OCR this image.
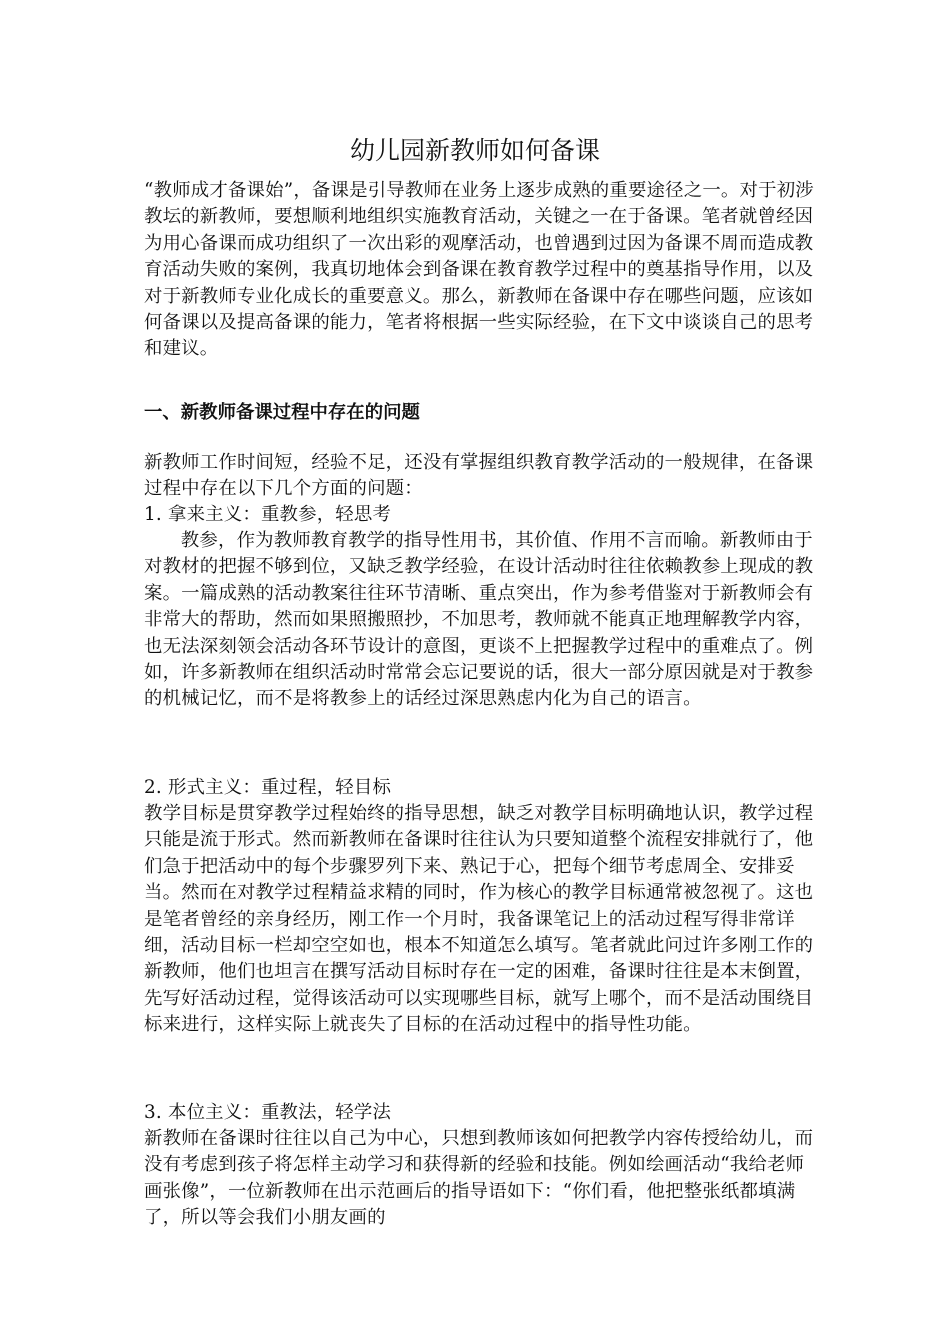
幼儿园新教师如何备课

“教师成才备课始”，备课是引导教师在业务上逐步成熟的重要途径之一。对于初涉教坛的新教师，要想顺利地组织实施教育活动，关键之一在于备课。笔者就曾经因为用心备课而成功组织了一次出彩的观摩活动，也曾遇到过因为备课不周而造成教育活动失败的案例，我真切地体会到备课在教育教学过程中的奠基指导作用，以及对于新教师专业化成长的重要意义。那么，新教师在备课中存在哪些问题，应该如何备课以及提高备课的能力，笔者将根据一些实际经验，在下文中谈谈自己的思考和建议。

一、新教师备课过程中存在的问题

新教师工作时间短，经验不足，还没有掌握组织教育教学活动的一般规律，在备课过程中存在以下几个方面的问题：

1. 拿来主义：重教参，轻思考

教参，作为教师教育教学的指导性用书，其价值、作用不言而喻。新教师由于对教材的把握不够到位，又缺乏教学经验，在设计活动时往往依赖教参上现成的教案。一篇成熟的活动教案往往环节清晰、重点突出，作为参考借鉴对于新教师会有非常大的帮助，然而如果照搬照抄，不加思考，教师就不能真正地理解教学内容，也无法深刻领会活动各环节设计的意图，更谈不上把握教学过程中的重难点了。例如，许多新教师在组织活动时常常会忘记要说的话，很大一部分原因就是对于教参的机械记忆，而不是将教参上的话经过深思熟虑内化为自己的语言。

2. 形式主义：重过程，轻目标

教学目标是贯穿教学过程始终的指导思想，缺乏对教学目标明确地认识，教学过程只能是流于形式。然而新教师在备课时往往认为只要知道整个流程安排就行了，他们急于把活动中的每个步骤罗列下来、熟记于心，把每个细节考虑周全、安排妥当。然而在对教学过程精益求精的同时，作为核心的教学目标通常被忽视了。这也是笔者曾经的亲身经历，刚工作一个月时，我备课笔记上的活动过程写得非常详细，活动目标一栏却空空如也，根本不知道怎么填写。笔者就此问过许多刚工作的新教师，他们也坦言在撰写活动目标时存在一定的困难，备课时往往是本末倒置，先写好活动过程，觉得该活动可以实现哪些目标，就写上哪个，而不是活动围绕目标来进行，这样实际上就丧失了目标的在活动过程中的指导性功能。

3. 本位主义：重教法，轻学法

新教师在备课时往往以自己为中心，只想到教师该如何把教学内容传授给幼儿，而没有考虑到孩子将怎样主动学习和获得新的经验和技能。例如绘画活动“我给老师画张像”，一位新教师在出示范画后的指导语如下：“你们看，他把整张纸都填满了，所以等会我们小朋友画的
